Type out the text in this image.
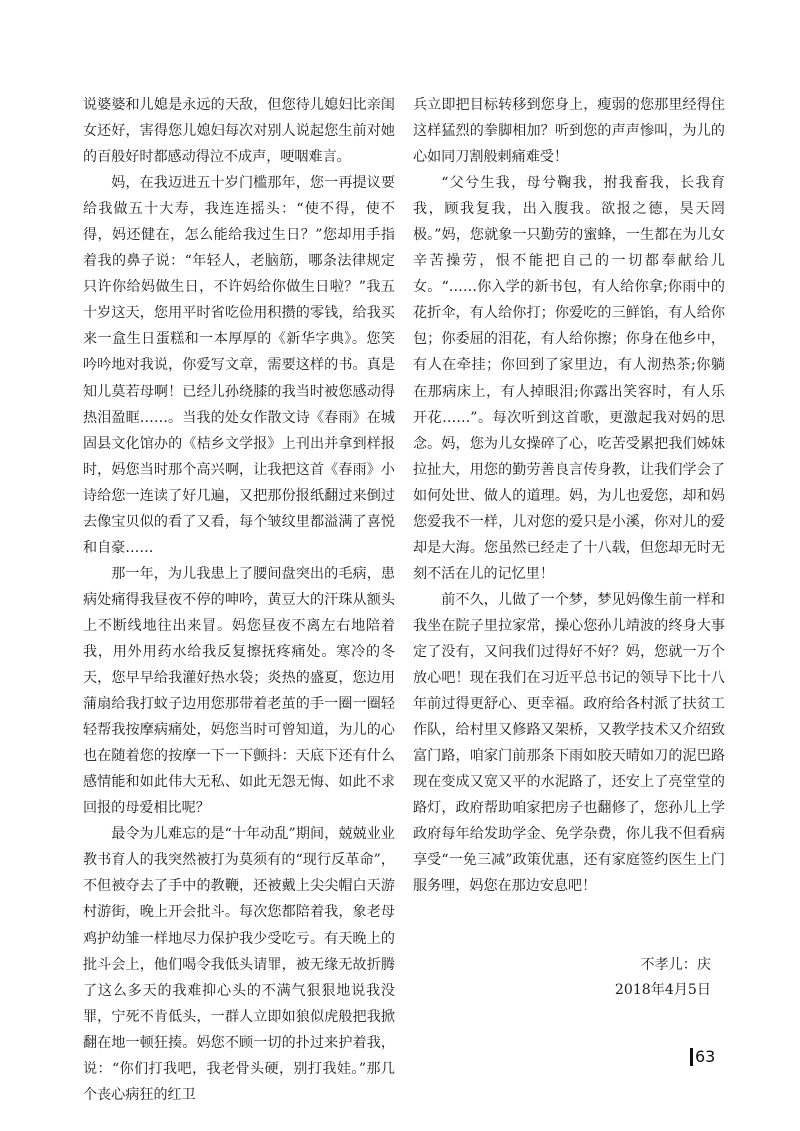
说婆婆和儿媳是永远的天敌，但您待儿媳妇比亲闺女还好，害得您儿媳妇每次对别人说起您生前对她的百般好时都感动得泣不成声，哽咽难言。

妈，在我迈进五十岁门槛那年，您一再提议要给我做五十大寿，我连连摇头：“使不得，使不得，妈还健在，怎么能给我过生日？”您却用手指着我的鼻子说：“年轻人，老脑筋，哪条法律规定只许你给妈做生日，不许妈给你做生日啦？”我五十岁这天，您用平时省吃俭用积攒的零钱，给我买来一盒生日蛋糕和一本厚厚的《新华字典》。您笑吟吟地对我说，你爱写文章，需要这样的书。真是知儿莫若母啊！已经儿孙绕膝的我当时被您感动得热泪盈眶……。当我的处女作散文诗《春雨》在城固县文化馆办的《桔乡文学报》上刊出并拿到样报时，妈您当时那个高兴啊，让我把这首《春雨》小诗给您一连读了好几遍，又把那份报纸翻过来倒过去像宝贝似的看了又看，每个皱纹里都溢满了喜悦和自豪……

那一年，为儿我患上了腰间盘突出的毛病，患病处痛得我昼夜不停的呻吟，黄豆大的汗珠从额头上不断线地往出来冒。妈您昼夜不离左右地陪着我，用外用药水给我反复擦抚疼痛处。寒冷的冬天，您早早给我灌好热水袋；炎热的盛夏，您边用蒲扇给我打蚊子边用您那带着老茧的手一圈一圈轻轻帮我按摩病痛处，妈您当时可曾知道，为儿的心也在随着您的按摩一下一下颤抖：天底下还有什么感情能和如此伟大无私、如此无怨无悔、如此不求回报的母爱相比呢？

最令为儿难忘的是“十年动乱”期间，兢兢业业教书育人的我突然被打为莫须有的“现行反革命”，不但被夺去了手中的教鞭，还被戴上尖尖帽白天游村游街，晚上开会批斗。每次您都陪着我，象老母鸡护幼雏一样地尽力保护我少受吃亏。有天晚上的批斗会上，他们喝令我低头请罪，被无缘无故折腾了这么多天的我难抑心头的不满气狠狠地说我没罪，宁死不肯低头，一群人立即如狼似虎般把我掀翻在地一顿狂揍。妈您不顾一切的扑过来护着我，说：“你们打我吧，我老骨头硬，别打我娃。”那几个丧心病狂的红卫

兵立即把目标转移到您身上，瘦弱的您那里经得住这样猛烈的拳脚相加？听到您的声声惨叫，为儿的心如同刀割般剌痛难受！

“父兮生我，母兮鞠我，拊我畜我，长我育我，顾我复我，出入腹我。欲报之德，昊天罔极。”妈，您就象一只勤劳的蜜蜂，一生都在为儿女辛苦操劳，恨不能把自己的一切都奉献给儿女。“……你入学的新书包，有人给你拿;你雨中的花折伞，有人给你打；你爱吃的三鲜馅，有人给你包；你委屈的泪花，有人给你擦；你身在他乡中，有人在牵挂；你回到了家里边，有人沏热茶;你躺在那病床上，有人掉眼泪;你露出笑容时，有人乐开花……”。每次听到这首歌，更激起我对妈的思念。妈，您为儿女操碎了心，吃苦受累把我们姊妹拉扯大，用您的勤劳善良言传身教，让我们学会了如何处世、做人的道理。妈，为儿也爱您，却和妈您爱我不一样，儿对您的爱只是小溪，你对儿的爱却是大海。您虽然已经走了十八载，但您却无时无刻不活在儿的记忆里！

前不久，儿做了一个梦，梦见妈像生前一样和我坐在院子里拉家常，操心您孙儿靖波的终身大事定了没有，又问我们过得好不好？妈，您就一万个放心吧！现在我们在习近平总书记的领导下比十八年前过得更舒心、更幸福。政府给各村派了扶贫工作队，给村里又修路又架桥，又教学技术又介绍致富门路，咱家门前那条下雨如胶天晴如刀的泥巴路现在变成又宽又平的水泥路了，还安上了亮堂堂的路灯，政府帮助咱家把房子也翻修了，您孙儿上学政府每年给发助学金、免学杂费，你儿我不但看病享受“一免三减”政策优惠，还有家庭签约医生上门服务哩，妈您在那边安息吧！

不孝儿：庆
2018年4月5日
63
